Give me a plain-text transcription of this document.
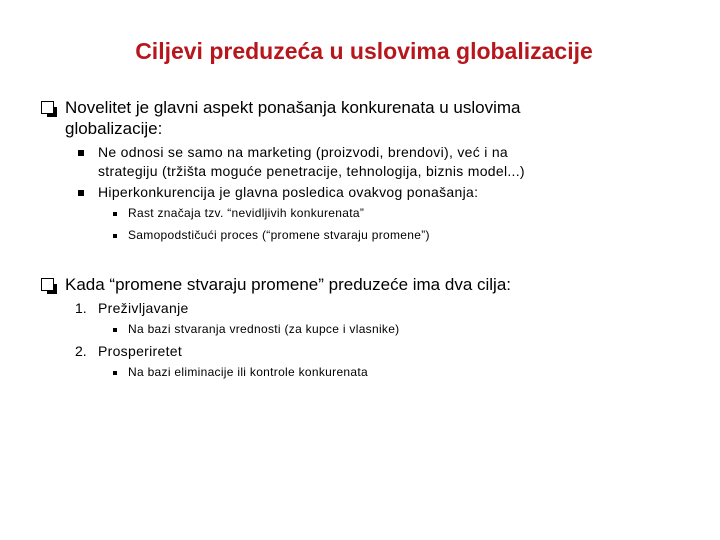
Ciljevi preduzeća u uslovima globalizacije
Novelitet je glavni aspekt ponašanja konkurenata u uslovima
globalizacije:
Ne odnosi se samo na marketing (proizvodi, brendovi), već i na
strategiju (tržišta moguće penetracije, tehnologija, biznis model...)
Hiperkonkurencija je glavna posledica ovakvog ponašanja:
Rast značaja tzv. “nevidljivih konkurenata”
Samopodstičući proces (“promene stvaraju promene”)
Kada “promene stvaraju promene” preduzeće ima dva cilja:
1. Preživljavanje
Na bazi stvaranja vrednosti (za kupce i vlasnike)
2. Prosperiretet
Na bazi eliminacije ili kontrole konkurenata
